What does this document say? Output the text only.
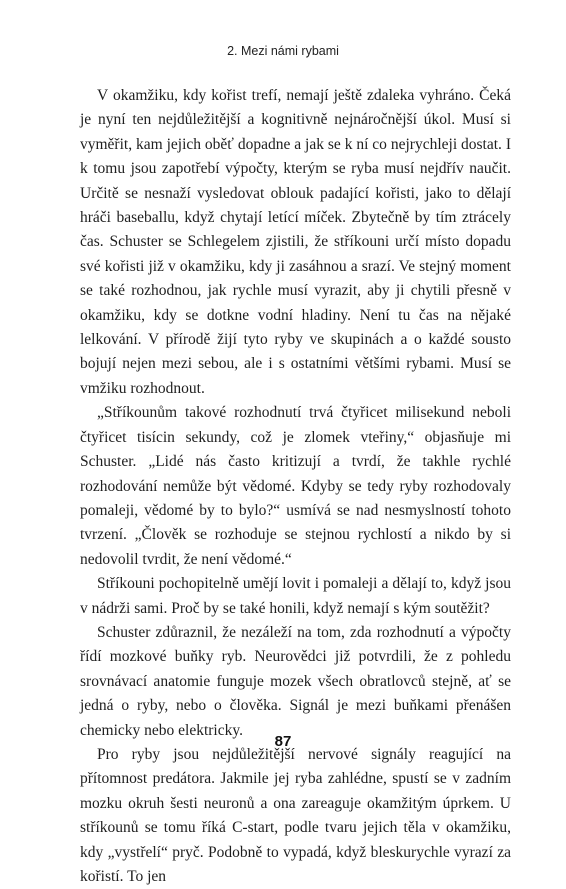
2. Mezi námi rybami

V okamžiku, kdy kořist trefí, nemají ještě zdaleka vyhráno. Čeká je nyní ten nejdůležitější a kognitivně nejnáročnější úkol. Musí si vyměřit, kam jejich oběť dopadne a jak se k ní co nejrychleji dostat. I k tomu jsou zapotřebí výpočty, kterým se ryba musí nejdřív naučit. Určitě se nesnaží vysledovat oblouk padající kořisti, jako to dělají hráči baseballu, když chytají letící míček. Zbytečně by tím ztrácely čas. Schuster se Schlegelem zjistili, že stříkouni určí místo dopadu své kořisti již v okamžiku, kdy ji zasáhnou a srazí. Ve stejný moment se také rozhodnou, jak rychle musí vyrazit, aby ji chytili přesně v okamžiku, kdy se dotkne vodní hladiny. Není tu čas na nějaké lelkování. V přírodě žijí tyto ryby ve skupinách a o každé sousto bojují nejen mezi sebou, ale i s ostatními většími rybami. Musí se vmžiku rozhodnout.

„Stříkounům takové rozhodnutí trvá čtyřicet milisekund neboli čtyřicet tisícin sekundy, což je zlomek vteřiny,“ objasňuje mi Schuster. „Lidé nás často kritizují a tvrdí, že takhle rychlé rozhodování nemůže být vědomé. Kdyby se tedy ryby rozhodovaly pomaleji, vědomé by to bylo?“ usmívá se nad nesmyslností tohoto tvrzení. „Člověk se rozhoduje se stejnou rychlostí a nikdo by si nedovolil tvrdit, že není vědomé.“

Stříkouni pochopitelně umějí lovit i pomaleji a dělají to, když jsou v nádrži sami. Proč by se také honili, když nemají s kým soutěžit?

Schuster zdůraznil, že nezáleží na tom, zda rozhodnutí a výpočty řídí mozkové buňky ryb. Neurovědci již potvrdili, že z pohledu srovnávací anatomie funguje mozek všech obratlovců stejně, ať se jedná o ryby, nebo o člověka. Signál je mezi buňkami přenášen chemicky nebo elektricky.

Pro ryby jsou nejdůležitější nervové signály reagující na přítomnost predátora. Jakmile jej ryba zahlédne, spustí se v zadním mozku okruh šesti neuronů a ona zareaguje okamžitým úprkem. U stříkounů se tomu říká C-start, podle tvaru jejich těla v okamžiku, kdy „vystřelí“ pryč. Podobně to vypadá, když bleskurychle vyrazí za kořistí. To jen

87
